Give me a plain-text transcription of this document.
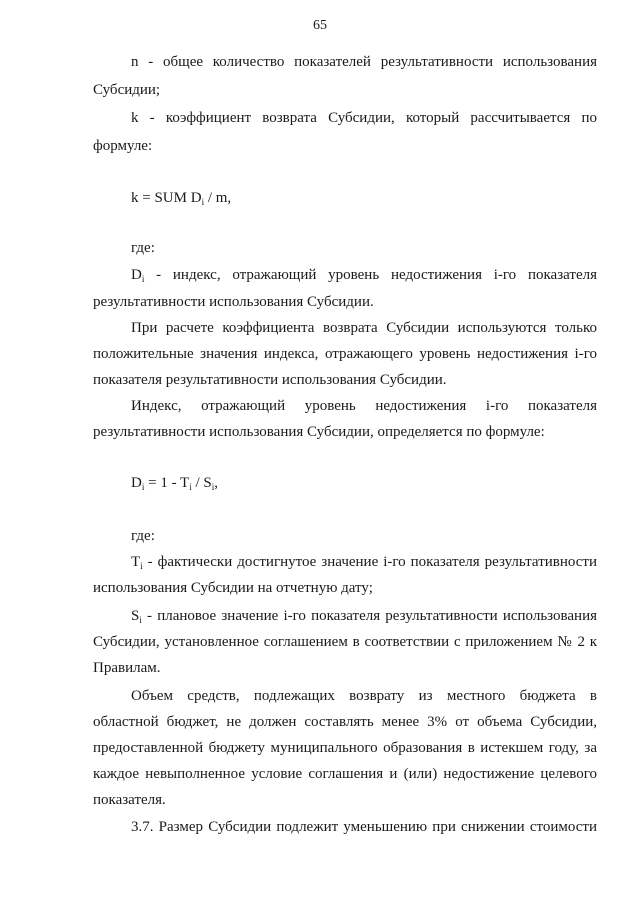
65
n - общее количество показателей результативности использования
Субсидии;
k - коэффициент возврата Субсидии, который рассчитывается по
формуле:
k = SUM $D_i$ / m,
где:
$D_i$ - индекс, отражающий уровень недостижения i-го показателя
результативности использования Субсидии.
При расчете коэффициента возврата Субсидии используются только
положительные значения индекса, отражающего уровень недостижения i-го
показателя результативности использования Субсидии.
Индекс, отражающий уровень недостижения i-го показателя
результативности использования Субсидии, определяется по формуле:
$D_i = 1 - T_i / S_i$,
где:
$T_i$ - фактически достигнутое значение i-го показателя результативности
использования Субсидии на отчетную дату;
$S_i$ - плановое значение i-го показателя результативности использования
Субсидии, установленное соглашением в соответствии с приложением № 2 к
Правилам.
Объем средств, подлежащих возврату из местного бюджета в
областной бюджет, не должен составлять менее 3% от объема Субсидии,
предоставленной бюджету муниципального образования в истекшем году, за
каждое невыполненное условие соглашения и (или) недостижение целевого
показателя.
3.7. Размер Субсидии подлежит уменьшению при снижении стоимости
